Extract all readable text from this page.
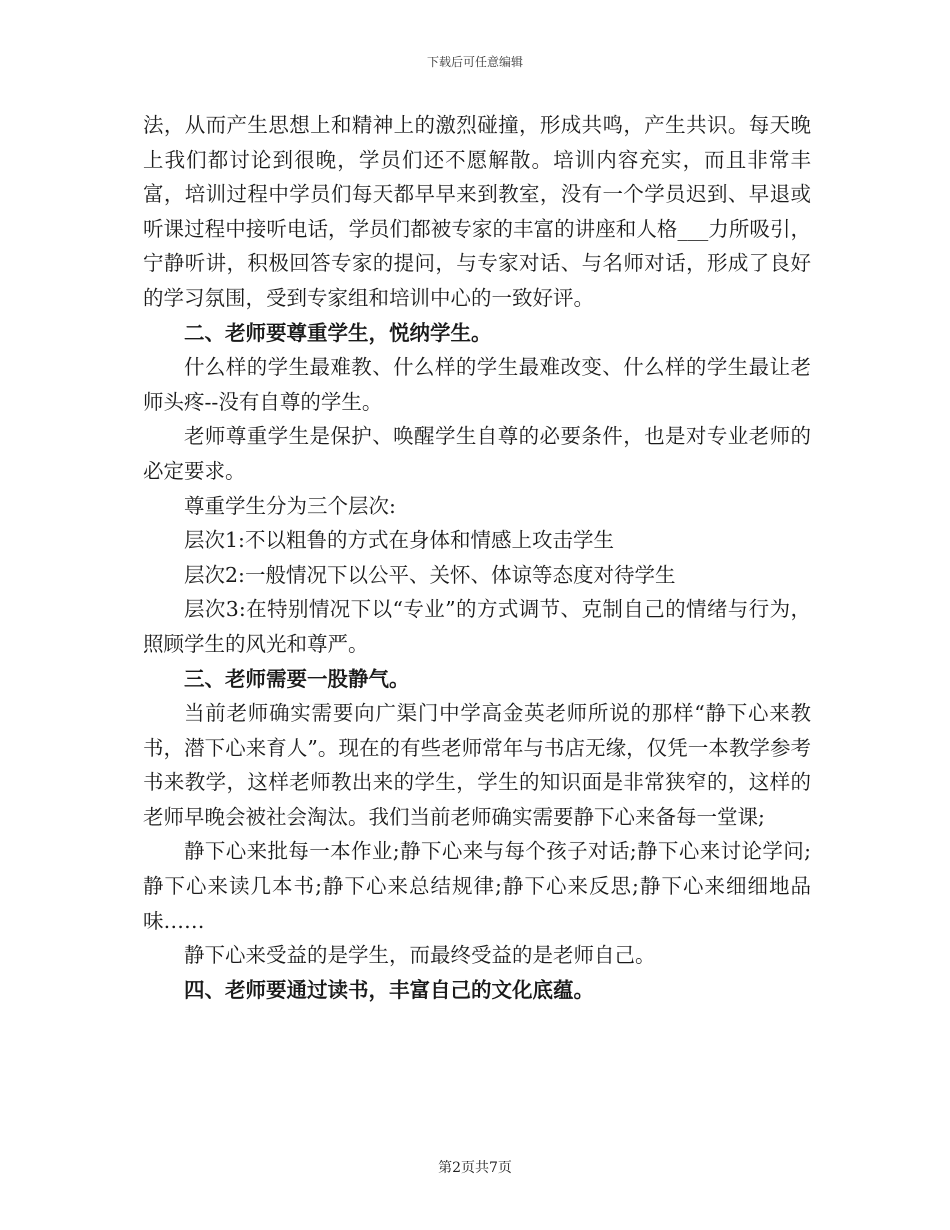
下载后可任意编辑

法，从而产生思想上和精神上的激烈碰撞，形成共鸣，产生共识。每天晚上我们都讨论到很晚，学员们还不愿解散。培训内容充实，而且非常丰富，培训过程中学员们每天都早早来到教室，没有一个学员迟到、早退或听课过程中接听电话，学员们都被专家的丰富的讲座和人格___力所吸引，宁静听讲，积极回答专家的提问，与专家对话、与名师对话，形成了良好的学习氛围，受到专家组和培训中心的一致好评。

二、老师要尊重学生，悦纳学生。

什么样的学生最难教、什么样的学生最难改变、什么样的学生最让老师头疼--没有自尊的学生。

老师尊重学生是保护、唤醒学生自尊的必要条件，也是对专业老师的必定要求。

尊重学生分为三个层次:

层次1:不以粗鲁的方式在身体和情感上攻击学生

层次2:一般情况下以公平、关怀、体谅等态度对待学生

层次3:在特别情况下以“专业”的方式调节、克制自己的情绪与行为，照顾学生的风光和尊严。

三、老师需要一股静气。

当前老师确实需要向广渠门中学高金英老师所说的那样“静下心来教书，潜下心来育人”。现在的有些老师常年与书店无缘，仅凭一本教学参考书来教学，这样老师教出来的学生，学生的知识面是非常狭窄的，这样的老师早晚会被社会淘汰。我们当前老师确实需要静下心来备每一堂课;

静下心来批每一本作业;静下心来与每个孩子对话;静下心来讨论学问;静下心来读几本书;静下心来总结规律;静下心来反思;静下心来细细地品味……

静下心来受益的是学生，而最终受益的是老师自己。

四、老师要通过读书，丰富自己的文化底蕴。

第2页共7页
